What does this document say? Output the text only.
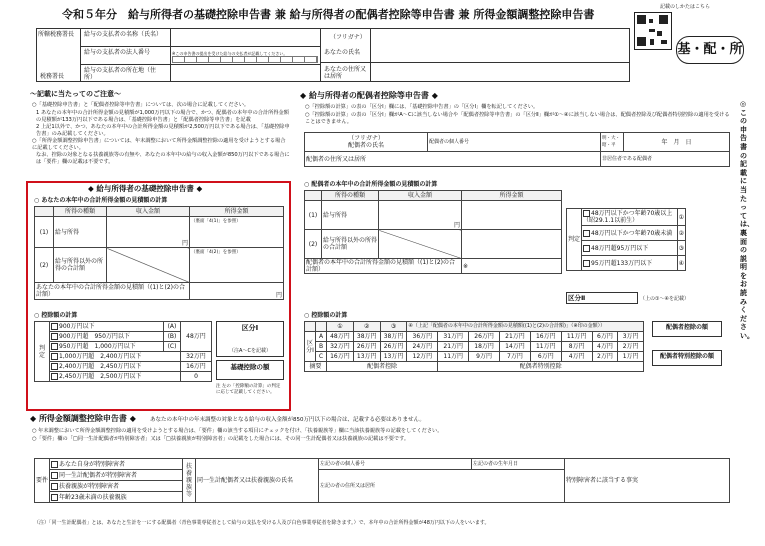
令和５年分　給与所得者の基礎控除申告書 兼 給与所得者の配偶者控除等申告書 兼 所得金額調整控除申告書
記載のしかたはこちら
基・配・所
所轄税務署長
税務署長
給与の支払者の名称（氏名）
給与の支払者の法人番号
給与の支払者の所在地（住所）
※この申告書の提出を受けた給与の支払者が記載してください。
（フリガナ）
あなたの氏名
あなたの住所又は居所
～記載に当たってのご注意～
○「基礎控除申告書」と「配偶者控除等申告書」については、次の場合に記載してください。
1 あなたの本年中の合計所得金額の見積額が1,000万円以下の場合で、かつ、配偶者の本年中の合計所得金額の見積額が133万円以下である場合は、「基礎控除申告書」と「配偶者控除等申告書」を記載
2 上記1以外で、かつ、あなたの本年中の合計所得金額の見積額が2,500万円以下である場合は、「基礎控除申告書」のみ記載してください。
○「所得金額調整控除申告書」については、年末調整において所得金額調整控除の適用を受けようとする場合に記載してください。
なお、控除の対象となる扶養親族等の有無や、あなたの本年中の給与の収入金額が850万円以下である場合には「要件」欄の記載は不要です。
◆ 給与所得者の基礎控除申告書 ◆
○ あなたの本年中の合計所得金額の見積額の計算
	所得の種類	収入金額	所得金額
(1)	給与所得	円	（裏面「4(1)」を参照）
(2)	給与所得以外の所得の合計額		（裏面「4(2)」を参照）
あなたの本年中の合計所得金額の見積額（(1)と(2)の合計額）			円
○ 控除額の計算
判　定	900万円以下	(A)	48万円
	900万円超　950万円以下	(B)	
	950万円超　1,000万円以下	(C)	
	1,000万円超　2,400万円以下		32万円
	2,400万円超　2,450万円以下		16万円
	2,450万円超　2,500万円以下		0
区分Ⅰ
（注A～Cを記載）
基礎控除の額
注 左の「控除額の計算」の判定に応じて記載してください。
◆ 給与所得者の配偶者控除等申告書 ◆
○「控除額の計算」の表の「区分Ⅰ」欄には、「基礎控除申告書」の「区分Ⅰ」欄を転記してください。
○「控除額の計算」の表の「区分Ⅰ」欄がA～Cに該当しない場合や「配偶者控除等申告書」の「区分Ⅱ」欄が①～④に該当しない場合は、配偶者控除及び配偶者特別控除の適用を受けることはできません。
（フリガナ）
配偶者の氏名	配偶者の個人番号	明・大・昭・平	年　月　日
配偶者の住所又は居所		非居住者である配偶者	
○ 配偶者の本年中の合計所得金額の見積額の計算
	所得の種類	収入金額	所得金額
(1)	給与所得	円	
(2)	給与所得以外の所得の合計額		
配偶者の本年中の合計所得金額の見積額（(1)と(2)の合計額）			※
判定	48万円以下かつ年齢70歳以上（昭29.1.1以前生）	①
	48万円以下かつ年齢70歳未満	②
	48万円超95万円以下	③
	95万円超133万円以下	④
区分Ⅱ	（上の①～④を記載）
○ 控除額の計算
		①	②	③	④（上記「配偶者の本年中の合計所得金額の見積額((1)と(2)の合計額)」（※印の金額））							
区分Ⅰ	A	48万円	38万円	38万円	36万円	31万円	26万円	21万円	16万円	11万円	6万円	3万円
	B	32万円	26万円	26万円	24万円	21万円	18万円	14万円	11万円	8万円	4万円	2万円
	C	16万円	13万円	13万円	12万円	11万円	9万円	7万円	6万円	4万円	2万円	1万円
摘要		配偶者控除				配偶者特別控除						
配偶者控除の額
配偶者特別控除の額
◎この申告書の記載に当たっては、裏面の説明をお読みください。
◆ 所得金額調整控除申告書 ◆	あなたの本年中の年末調整の対象となる給与の収入金額が850万円以下の場合は、記載する必要はありません。
○ 年末調整において所得金額調整控除の適用を受けようとする場合は、「要件」欄の該当する項目にチェックを付け、「扶養親族等」欄に当該扶養親族等の記載をしてください。
○「要件」欄の「□同一生計配偶者が特別障害者」又は「□扶養親族が特別障害者」の記載をした場合には、その同一生計配偶者又は扶養親族の記載は不要です。
要件	あなた自身が特別障害者	扶養親族等	同一生計配偶者又は扶養親族の氏名	左記の者の個人番号	左記の者の生年月日	特別障害者に該当する事実
	同一生計配偶者が特別障害者			左記の者の住所又は居所		
	扶養親族が特別障害者					
	年齢23歳未満の扶養親族					
（注）「同一生計配偶者」とは、あなたと生計を一にする配偶者（青色事業専従者として給与の支払を受ける人及び白色事業専従者を除きます。）で、本年中の合計所得金額が48万円以下の人をいいます。
